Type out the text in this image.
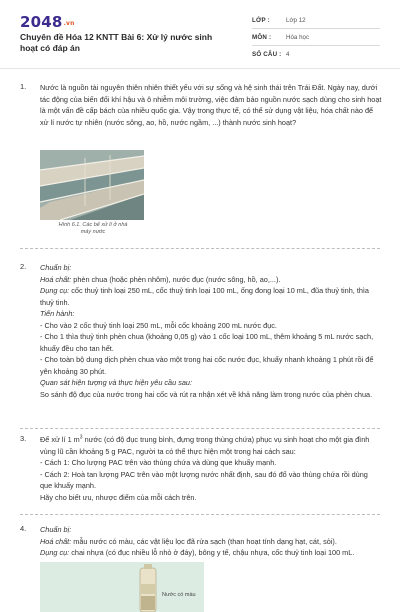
2048.vn
Chuyên đề Hóa 12 KNTT Bài 6: Xử lý nước sinh hoạt có đáp án
LỚP :	Lớp 12
MÔN :	Hóa học
SỐ CÂU : 4
1. Nước là nguồn tài nguyên thiên nhiên thiết yếu với sự sống và hệ sinh thái trên Trái Đất. Ngày nay, dưới tác động của biến đổi khí hậu và ô nhiễm môi trường, việc đảm bảo nguồn nước sạch dùng cho sinh hoạt là một vấn đề cấp bách của nhiều quốc gia. Vậy trong thực tế, có thể sử dụng vật liệu, hóa chất nào để xử lí nước tự nhiên (nước sông, ao, hồ, nước ngầm, ...) thành nước sinh hoạt?

Hình 6.1. Các bể xử lí ở nhà máy nước
2. Chuẩn bị:

Hoá chất: phèn chua (hoặc phèn nhôm), nước đục (nước sông, hồ, ao,...).

Dụng cụ: cốc thuỷ tinh loại 250 mL, cốc thuỷ tinh loại 100 mL, ống đong loại 10 mL, đũa thuỷ tinh, thìa thuỷ tinh.

Tiến hành:

- Cho vào 2 cốc thuỷ tinh loại 250 mL, mỗi cốc khoảng 200 mL nước đục.

- Cho 1 thìa thuỷ tinh phèn chua (khoảng 0,05 g) vào 1 cốc loại 100 mL, thêm khoảng 5 mL nước sạch, khuấy đều cho tan hết.

- Cho toàn bộ dung dịch phèn chua vào một trong hai cốc nước đục, khuấy nhanh khoảng 1 phút rồi để yên khoảng 30 phút.

Quan sát hiện tượng và thực hiện yêu cầu sau:

So sánh độ đục của nước trong hai cốc và rút ra nhận xét về khả năng làm trong nước của phèn chua.

3. Để xử lí 1 $m^3$ nước (có độ đục trung bình, đựng trong thùng chứa) phục vụ sinh hoạt cho một gia đình vùng lũ cần khoảng 5 g PAC, người ta có thể thực hiện một trong hai cách sau:

- Cách 1: Cho lượng PAC trên vào thùng chứa và dùng que khuấy mạnh.

- Cách 2: Hoà tan lượng PAC trên vào một lượng nước nhất định, sau đó đổ vào thùng chứa rồi dùng que khuấy mạnh.

Hãy cho biết ưu, nhược điểm của mỗi cách trên.

4. Chuẩn bị:

Hoá chất: mẫu nước có màu, các vật liệu lọc đã rửa sạch (than hoạt tính dạng hạt, cát, sỏi).

Dụng cụ: chai nhựa (có đục nhiều lỗ nhỏ ở đáy), bông y tế, chậu nhựa, cốc thuỷ tinh loại 100 mL.

Nước có màu
